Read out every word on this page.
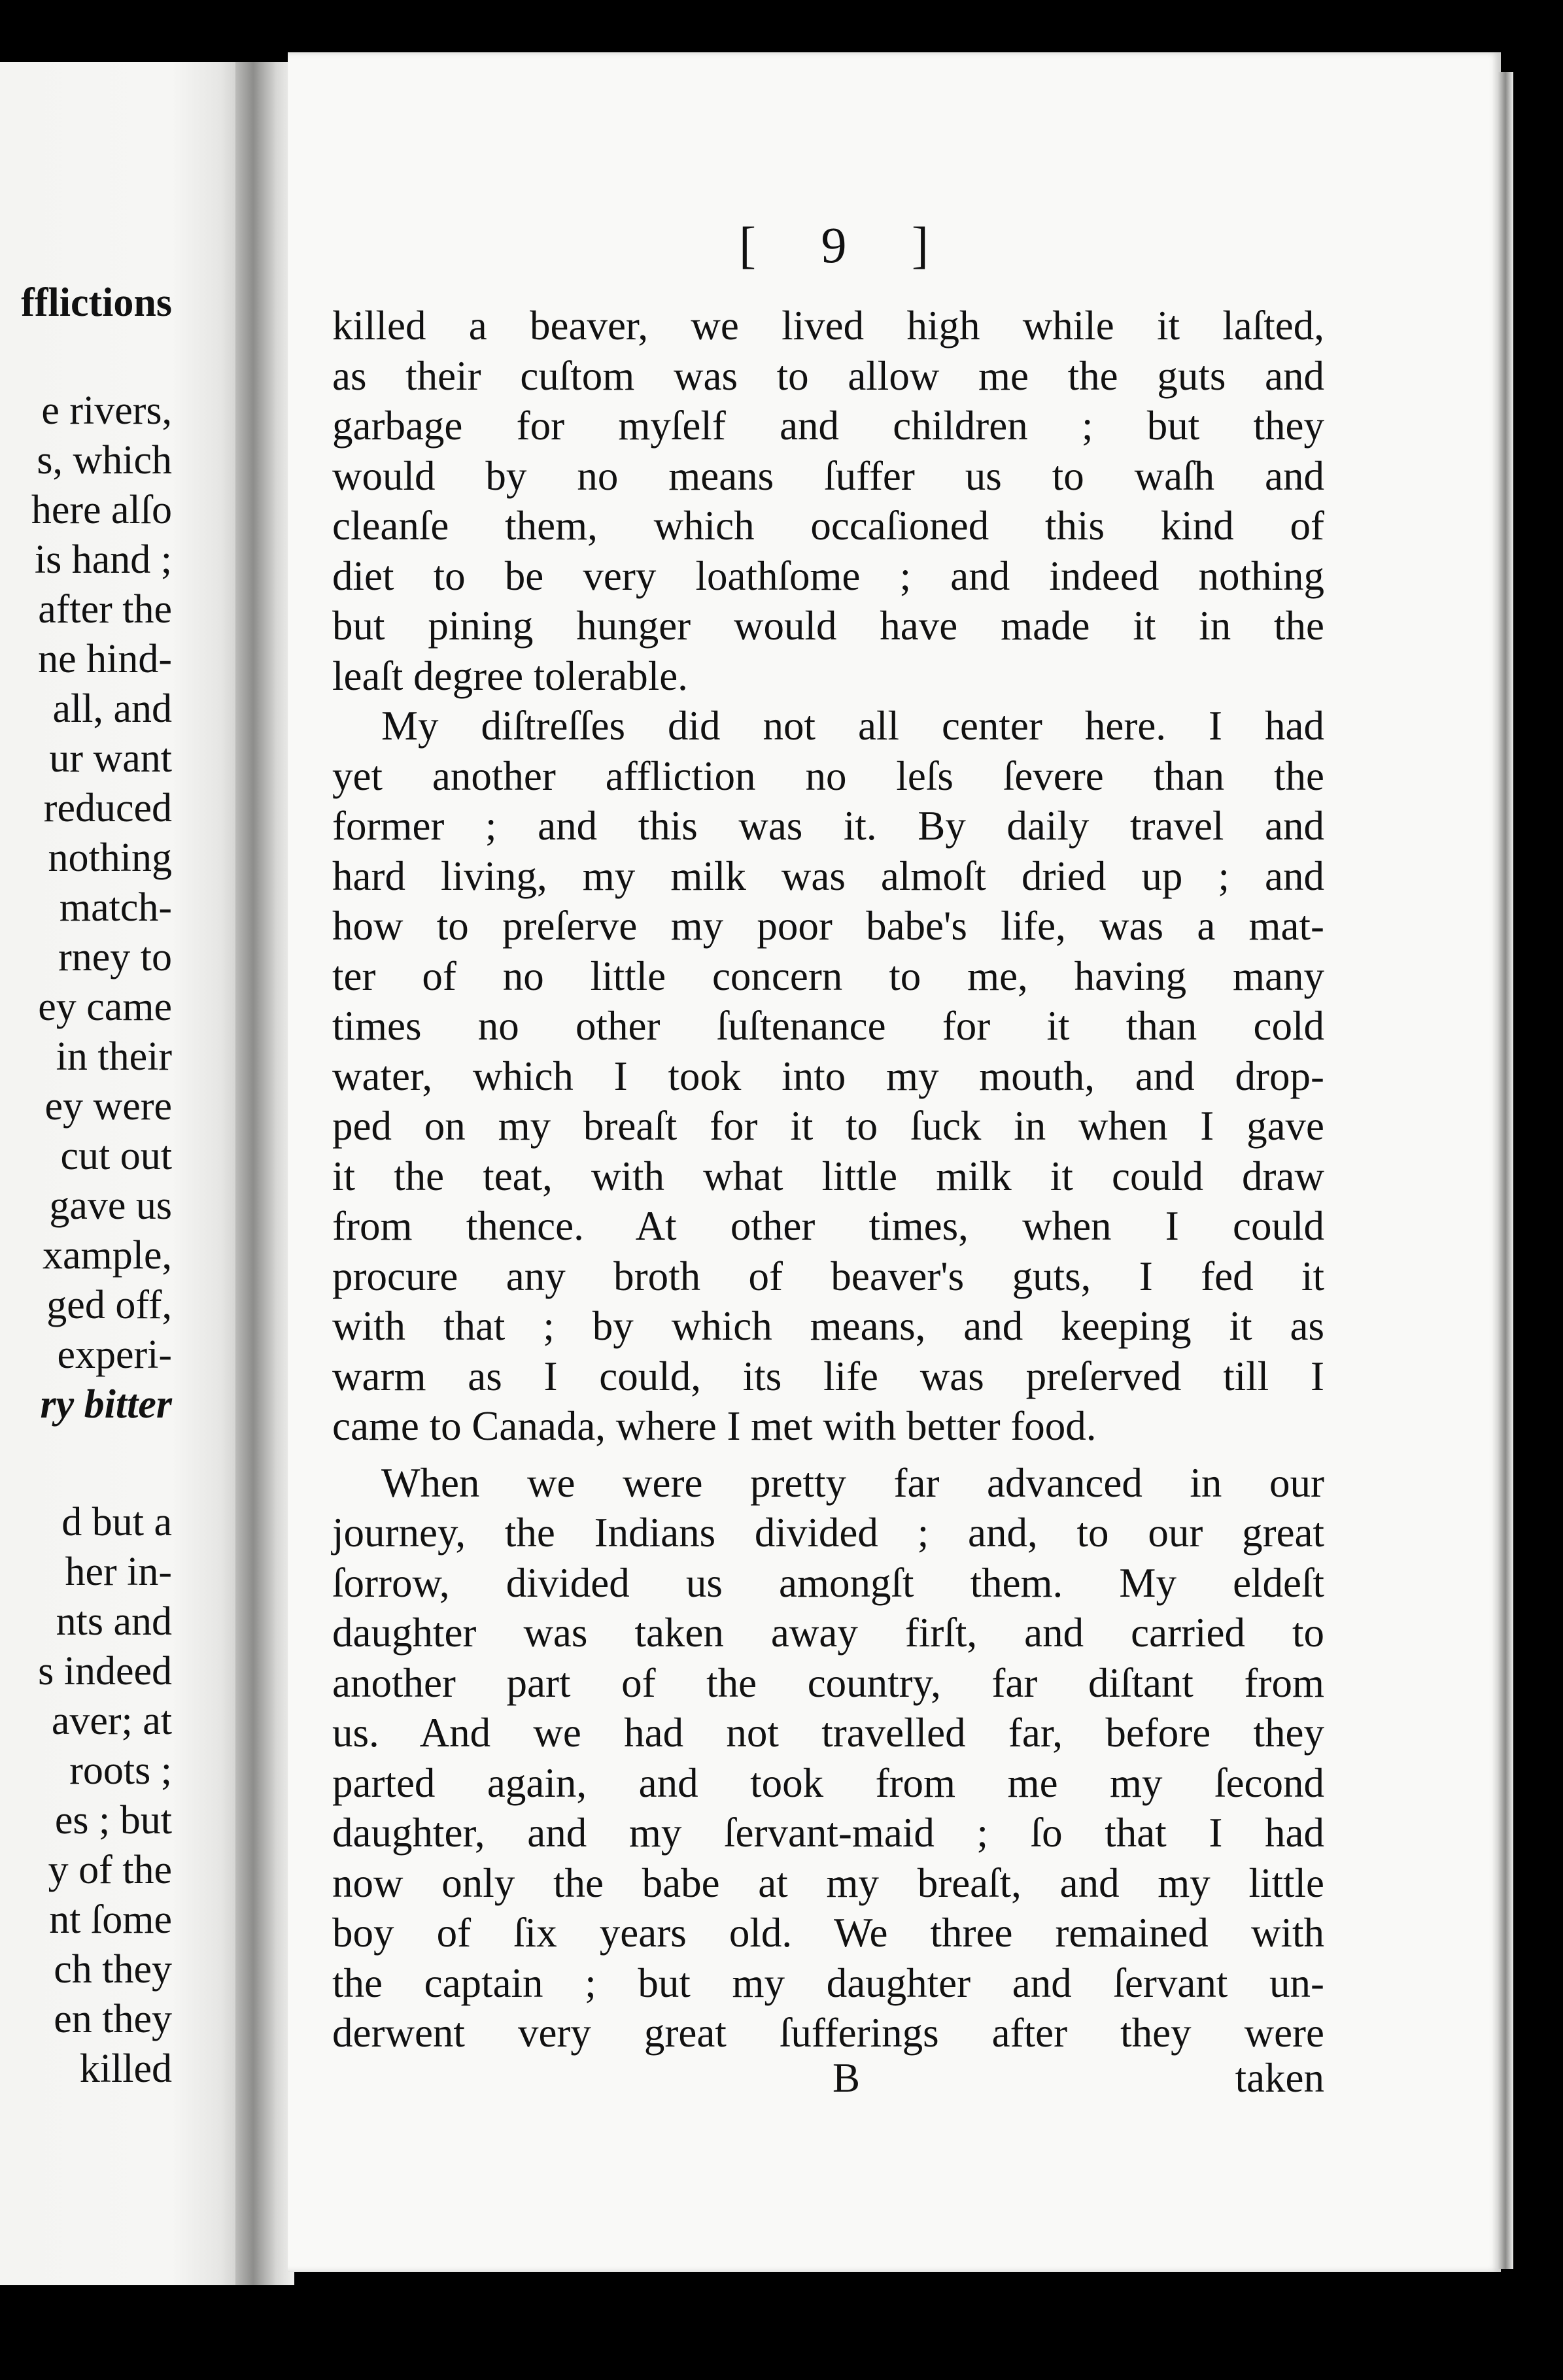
fflictions
e rivers,
s, which
here alſo
is hand ;
after the
ne hind-
all, and
ur want
reduced
nothing
match-
rney to
ey came
in their
ey were
cut out
gave us
xample,
ged off,
experi-
ry bitter
d but a
her in-
nts and
s indeed
aver; at
roots ;
es ; but
y of the
nt ſome
ch they
en they
killed
[ 9 ]
killed a beaver, we lived high while it laſted,
as their cuſtom was to allow me the guts and
garbage for myſelf and children ; but they
would by no means ſuffer us to waſh and
cleanſe them, which occaſioned this kind of
diet to be very loathſome ; and indeed nothing
but pining hunger would have made it in the
leaſt degree tolerable.
My diſtreſſes did not all center here. I had
yet another affliction no leſs ſevere than the
former ; and this was it. By daily travel and
hard living, my milk was almoſt dried up ; and
how to preſerve my poor babe's life, was a mat-
ter of no little concern to me, having many
times no other ſuſtenance for it than cold
water, which I took into my mouth, and drop-
ped on my breaſt for it to ſuck in when I gave
it the teat, with what little milk it could draw
from thence. At other times, when I could
procure any broth of beaver's guts, I fed it
with that ; by which means, and keeping it as
warm as I could, its life was preſerved till I
came to Canada, where I met with better food.
When we were pretty far advanced in our
journey, the Indians divided ; and, to our great
ſorrow, divided us amongſt them. My eldeſt
daughter was taken away firſt, and carried to
another part of the country, far diſtant from
us. And we had not travelled far, before they
parted again, and took from me my ſecond
daughter, and my ſervant-maid ; ſo that I had
now only the babe at my breaſt, and my little
boy of ſix years old. We three remained with
the captain ; but my daughter and ſervant un-
derwent very great ſufferings after they were
B	taken
